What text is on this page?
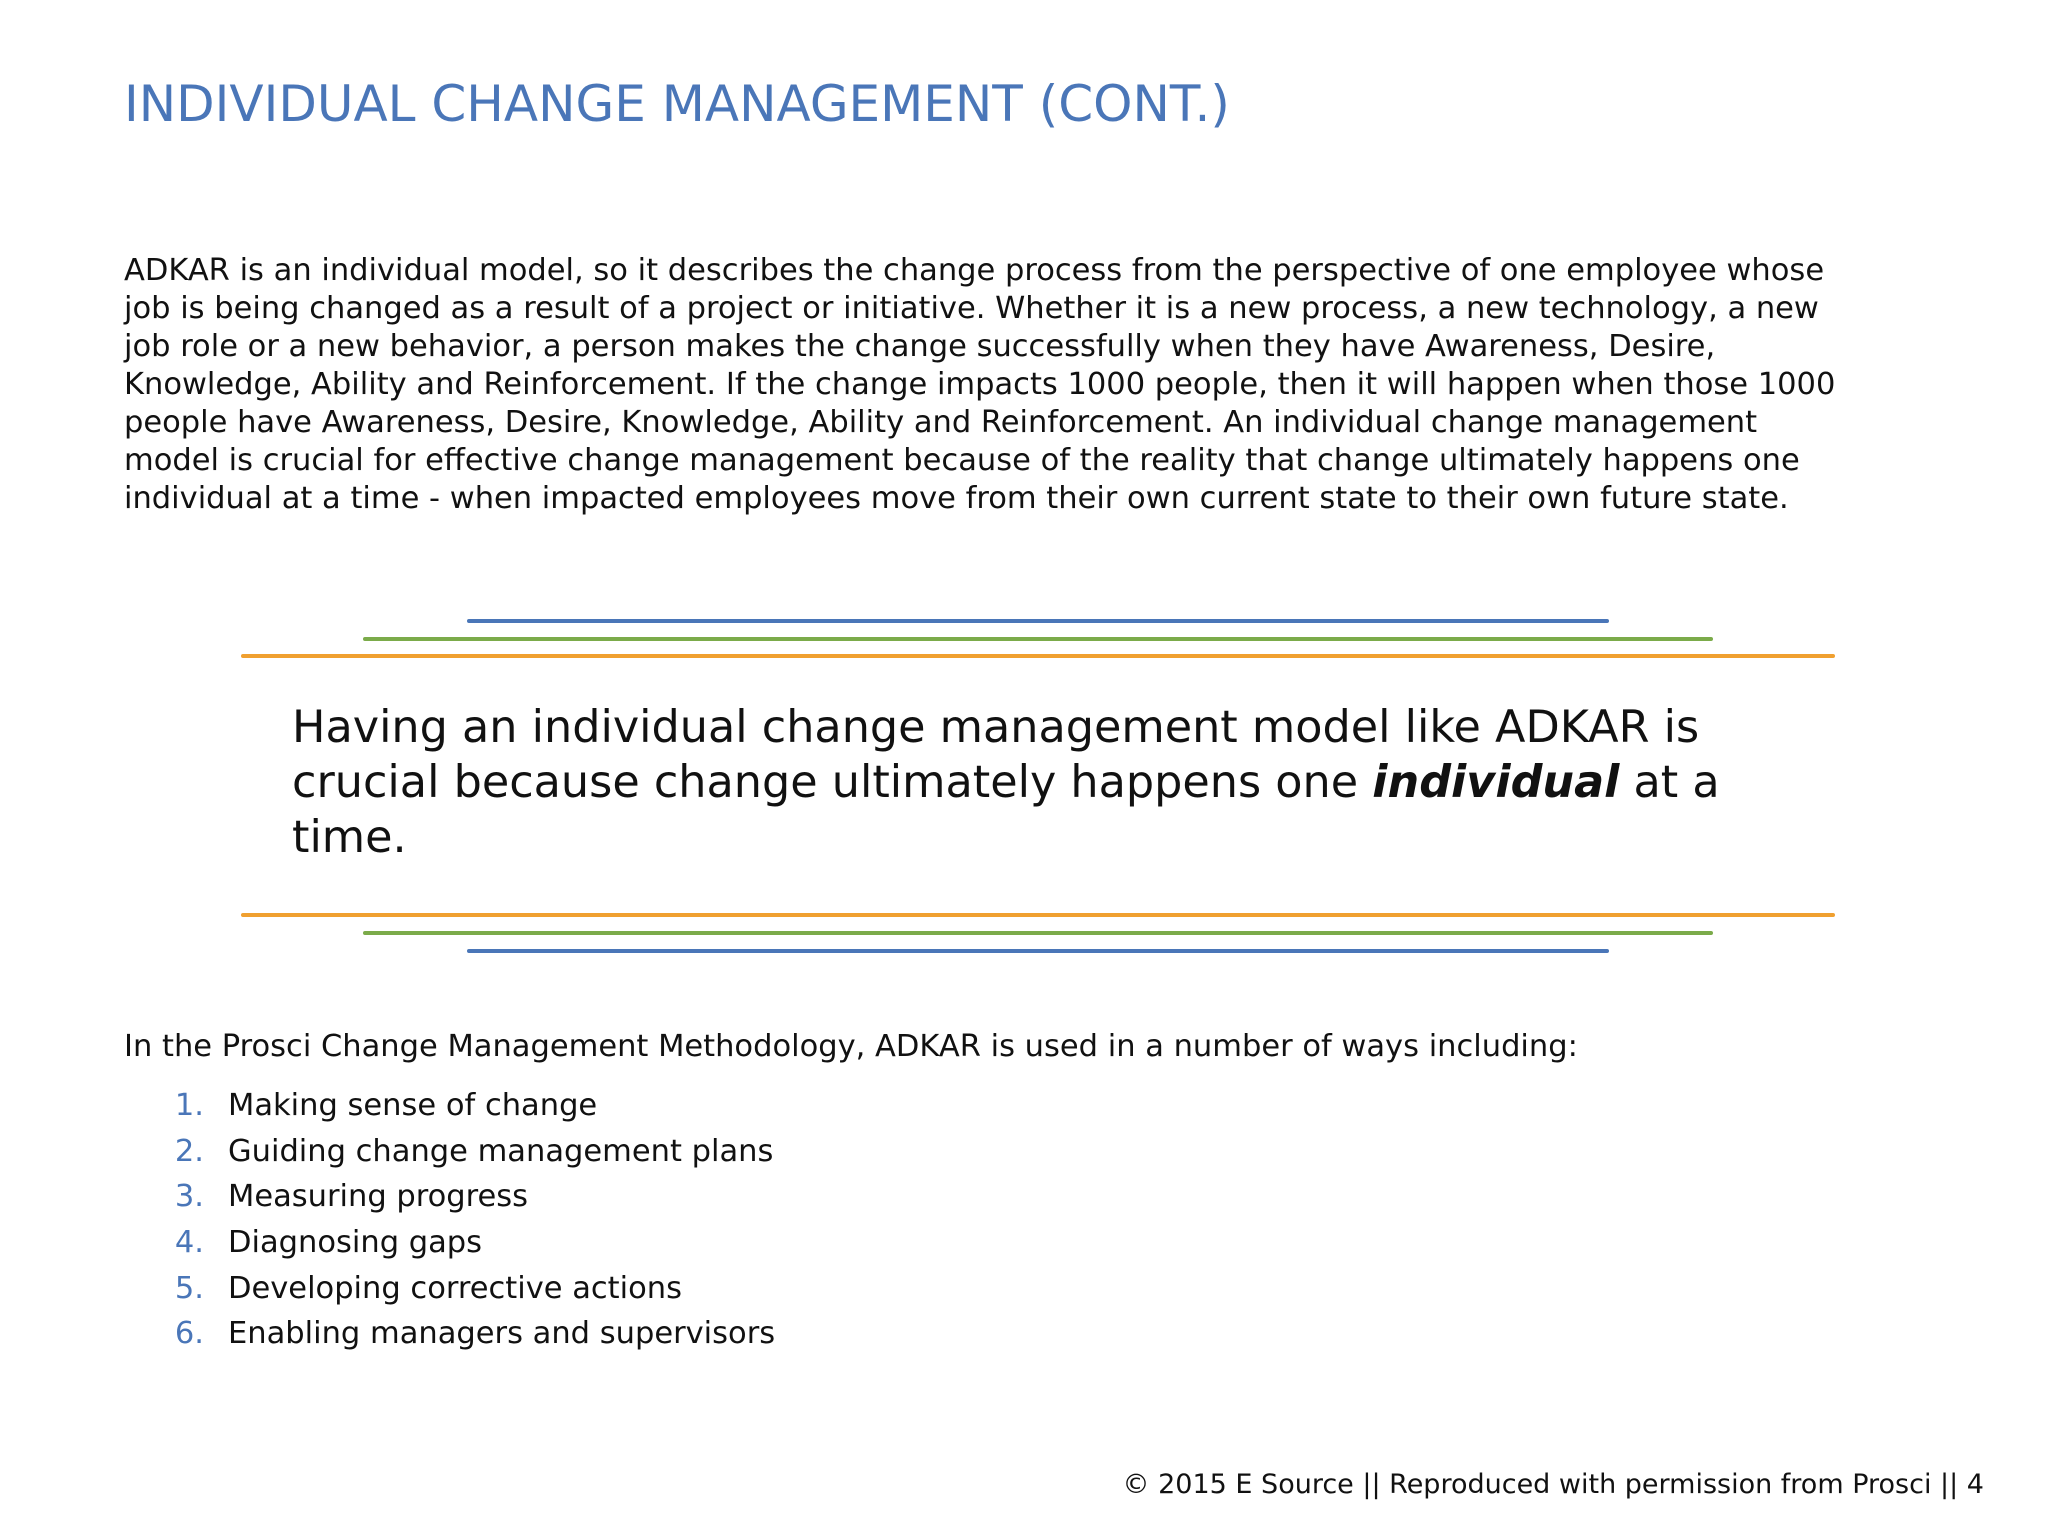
INDIVIDUAL CHANGE MANAGEMENT (CONT.)
ADKAR is an individual model, so it describes the change process from the perspective of one employee whose
job is being changed as a result of a project or initiative. Whether it is a new process, a new technology, a new
job role or a new behavior, a person makes the change successfully when they have Awareness, Desire,
Knowledge, Ability and Reinforcement. If the change impacts 1000 people, then it will happen when those 1000
people have Awareness, Desire, Knowledge, Ability and Reinforcement. An individual change management
model is crucial for effective change management because of the reality that change ultimately happens one
individual at a time - when impacted employees move from their own current state to their own future state.
Having an individual change management model like ADKAR is
crucial because change ultimately happens one individual at a
time.

In the Prosci Change Management Methodology, ADKAR is used in a number of ways including:

1. Making sense of change
2. Guiding change management plans
3. Measuring progress
4. Diagnosing gaps
5. Developing corrective actions
6. Enabling managers and supervisors

© 2015 E Source || Reproduced with permission from Prosci || 4
